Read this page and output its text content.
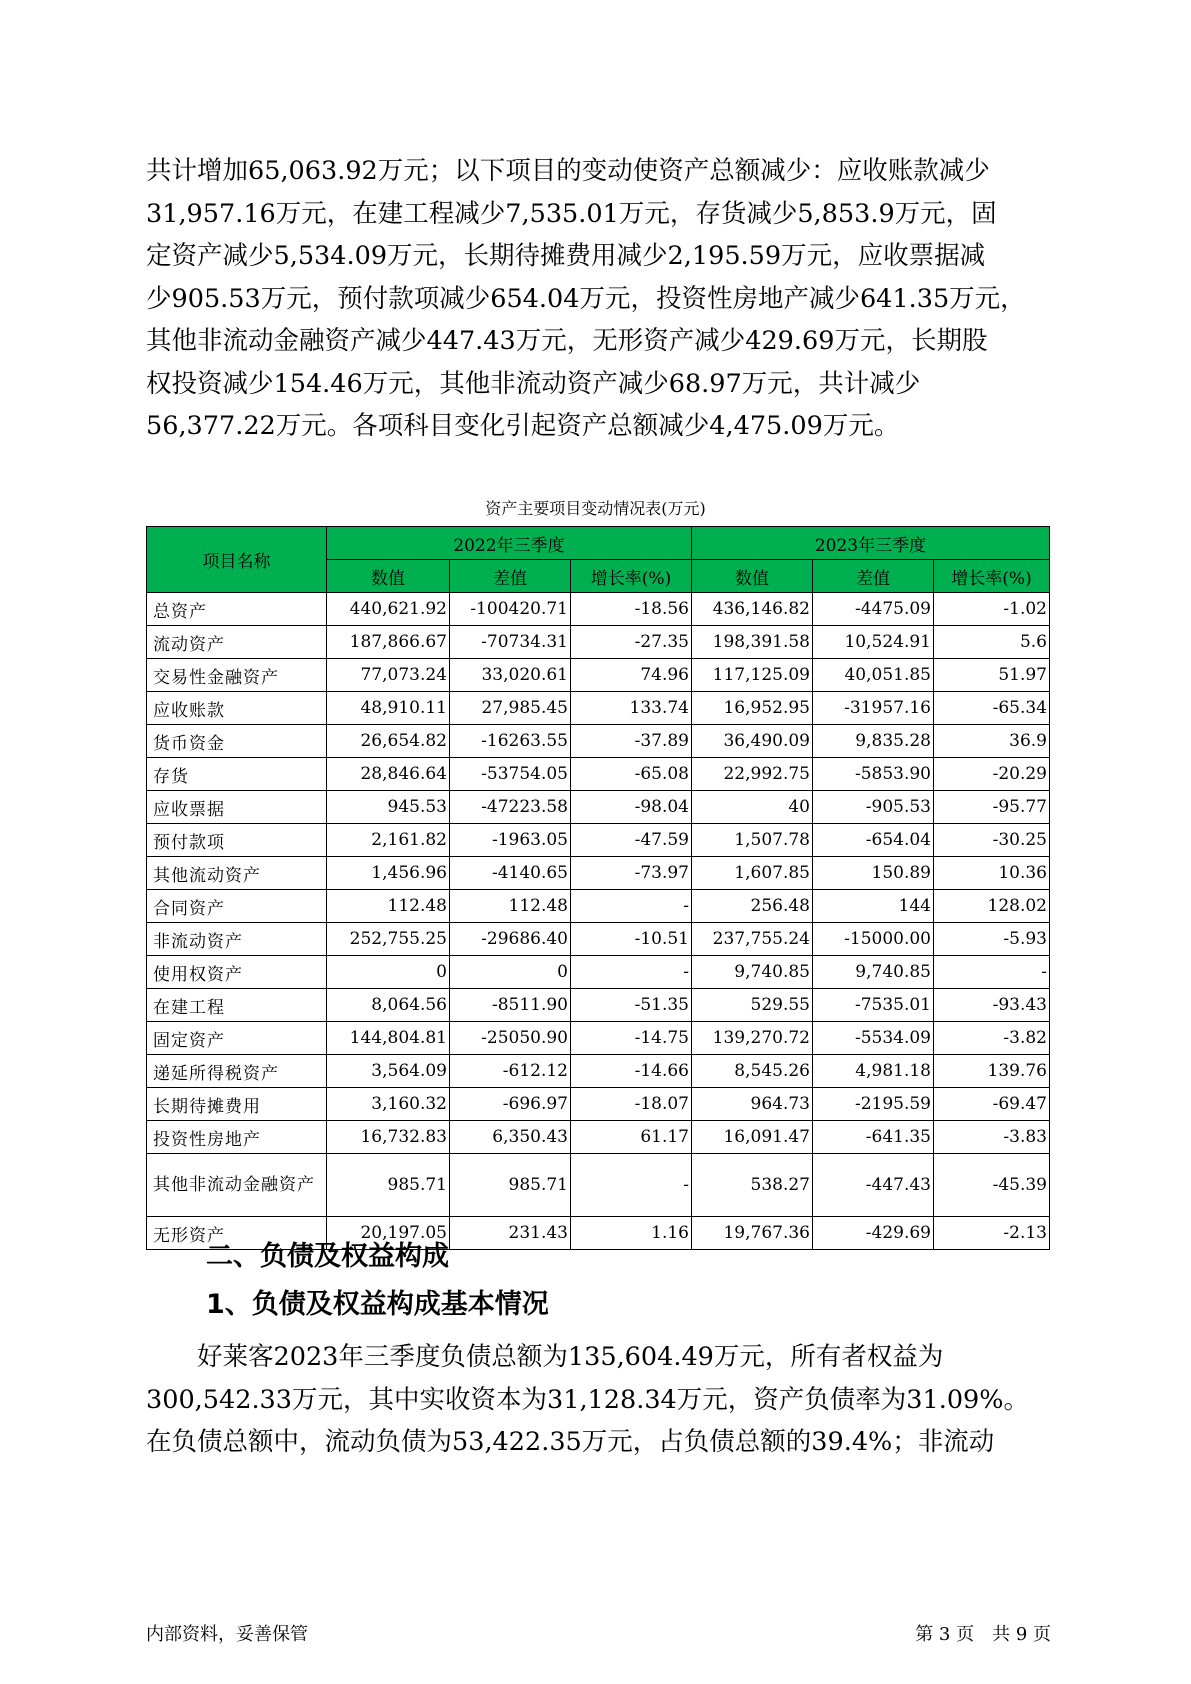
共计增加65,063.92万元；以下项目的变动使资产总额减少：应收账款减少

31,957.16万元，在建工程减少7,535.01万元，存货减少5,853.9万元，固

定资产减少5,534.09万元，长期待摊费用减少2,195.59万元，应收票据减

少905.53万元，预付款项减少654.04万元，投资性房地产减少641.35万元，

其他非流动金融资产减少447.43万元，无形资产减少429.69万元，长期股

权投资减少154.46万元，其他非流动资产减少68.97万元，共计减少

56,377.22万元。各项科目变化引起资产总额减少4,475.09万元。

资产主要项目变动情况表(万元)
项目名称	2022年三季度			2023年三季度		
	数值	差值	增长率(%)	数值	差值	增长率(%)
总资产	440,621.92	-100420.71	-18.56	436,146.82	-4475.09	-1.02
流动资产	187,866.67	-70734.31	-27.35	198,391.58	10,524.91	5.6
交易性金融资产	77,073.24	33,020.61	74.96	117,125.09	40,051.85	51.97
应收账款	48,910.11	27,985.45	133.74	16,952.95	-31957.16	-65.34
货币资金	26,654.82	-16263.55	-37.89	36,490.09	9,835.28	36.9
存货	28,846.64	-53754.05	-65.08	22,992.75	-5853.90	-20.29
应收票据	945.53	-47223.58	-98.04	40	-905.53	-95.77
预付款项	2,161.82	-1963.05	-47.59	1,507.78	-654.04	-30.25
其他流动资产	1,456.96	-4140.65	-73.97	1,607.85	150.89	10.36
合同资产	112.48	112.48	-	256.48	144	128.02
非流动资产	252,755.25	-29686.40	-10.51	237,755.24	-15000.00	-5.93
使用权资产	0	0	-	9,740.85	9,740.85	-
在建工程	8,064.56	-8511.90	-51.35	529.55	-7535.01	-93.43
固定资产	144,804.81	-25050.90	-14.75	139,270.72	-5534.09	-3.82
递延所得税资产	3,564.09	-612.12	-14.66	8,545.26	4,981.18	139.76
长期待摊费用	3,160.32	-696.97	-18.07	964.73	-2195.59	-69.47
投资性房地产	16,732.83	6,350.43	61.17	16,091.47	-641.35	-3.83
其他非流动金融资产	985.71	985.71	-	538.27	-447.43	-45.39
无形资产	20,197.05	231.43	1.16	19,767.36	-429.69	-2.13
二、负债及权益构成
1、负债及权益构成基本情况

　　好莱客2023年三季度负债总额为135,604.49万元，所有者权益为

300,542.33万元，其中实收资本为31,128.34万元，资产负债率为31.09%。

在负债总额中，流动负债为53,422.35万元，占负债总额的39.4%；非流动

内部资料，妥善保管	第 3 页　共 9 页
